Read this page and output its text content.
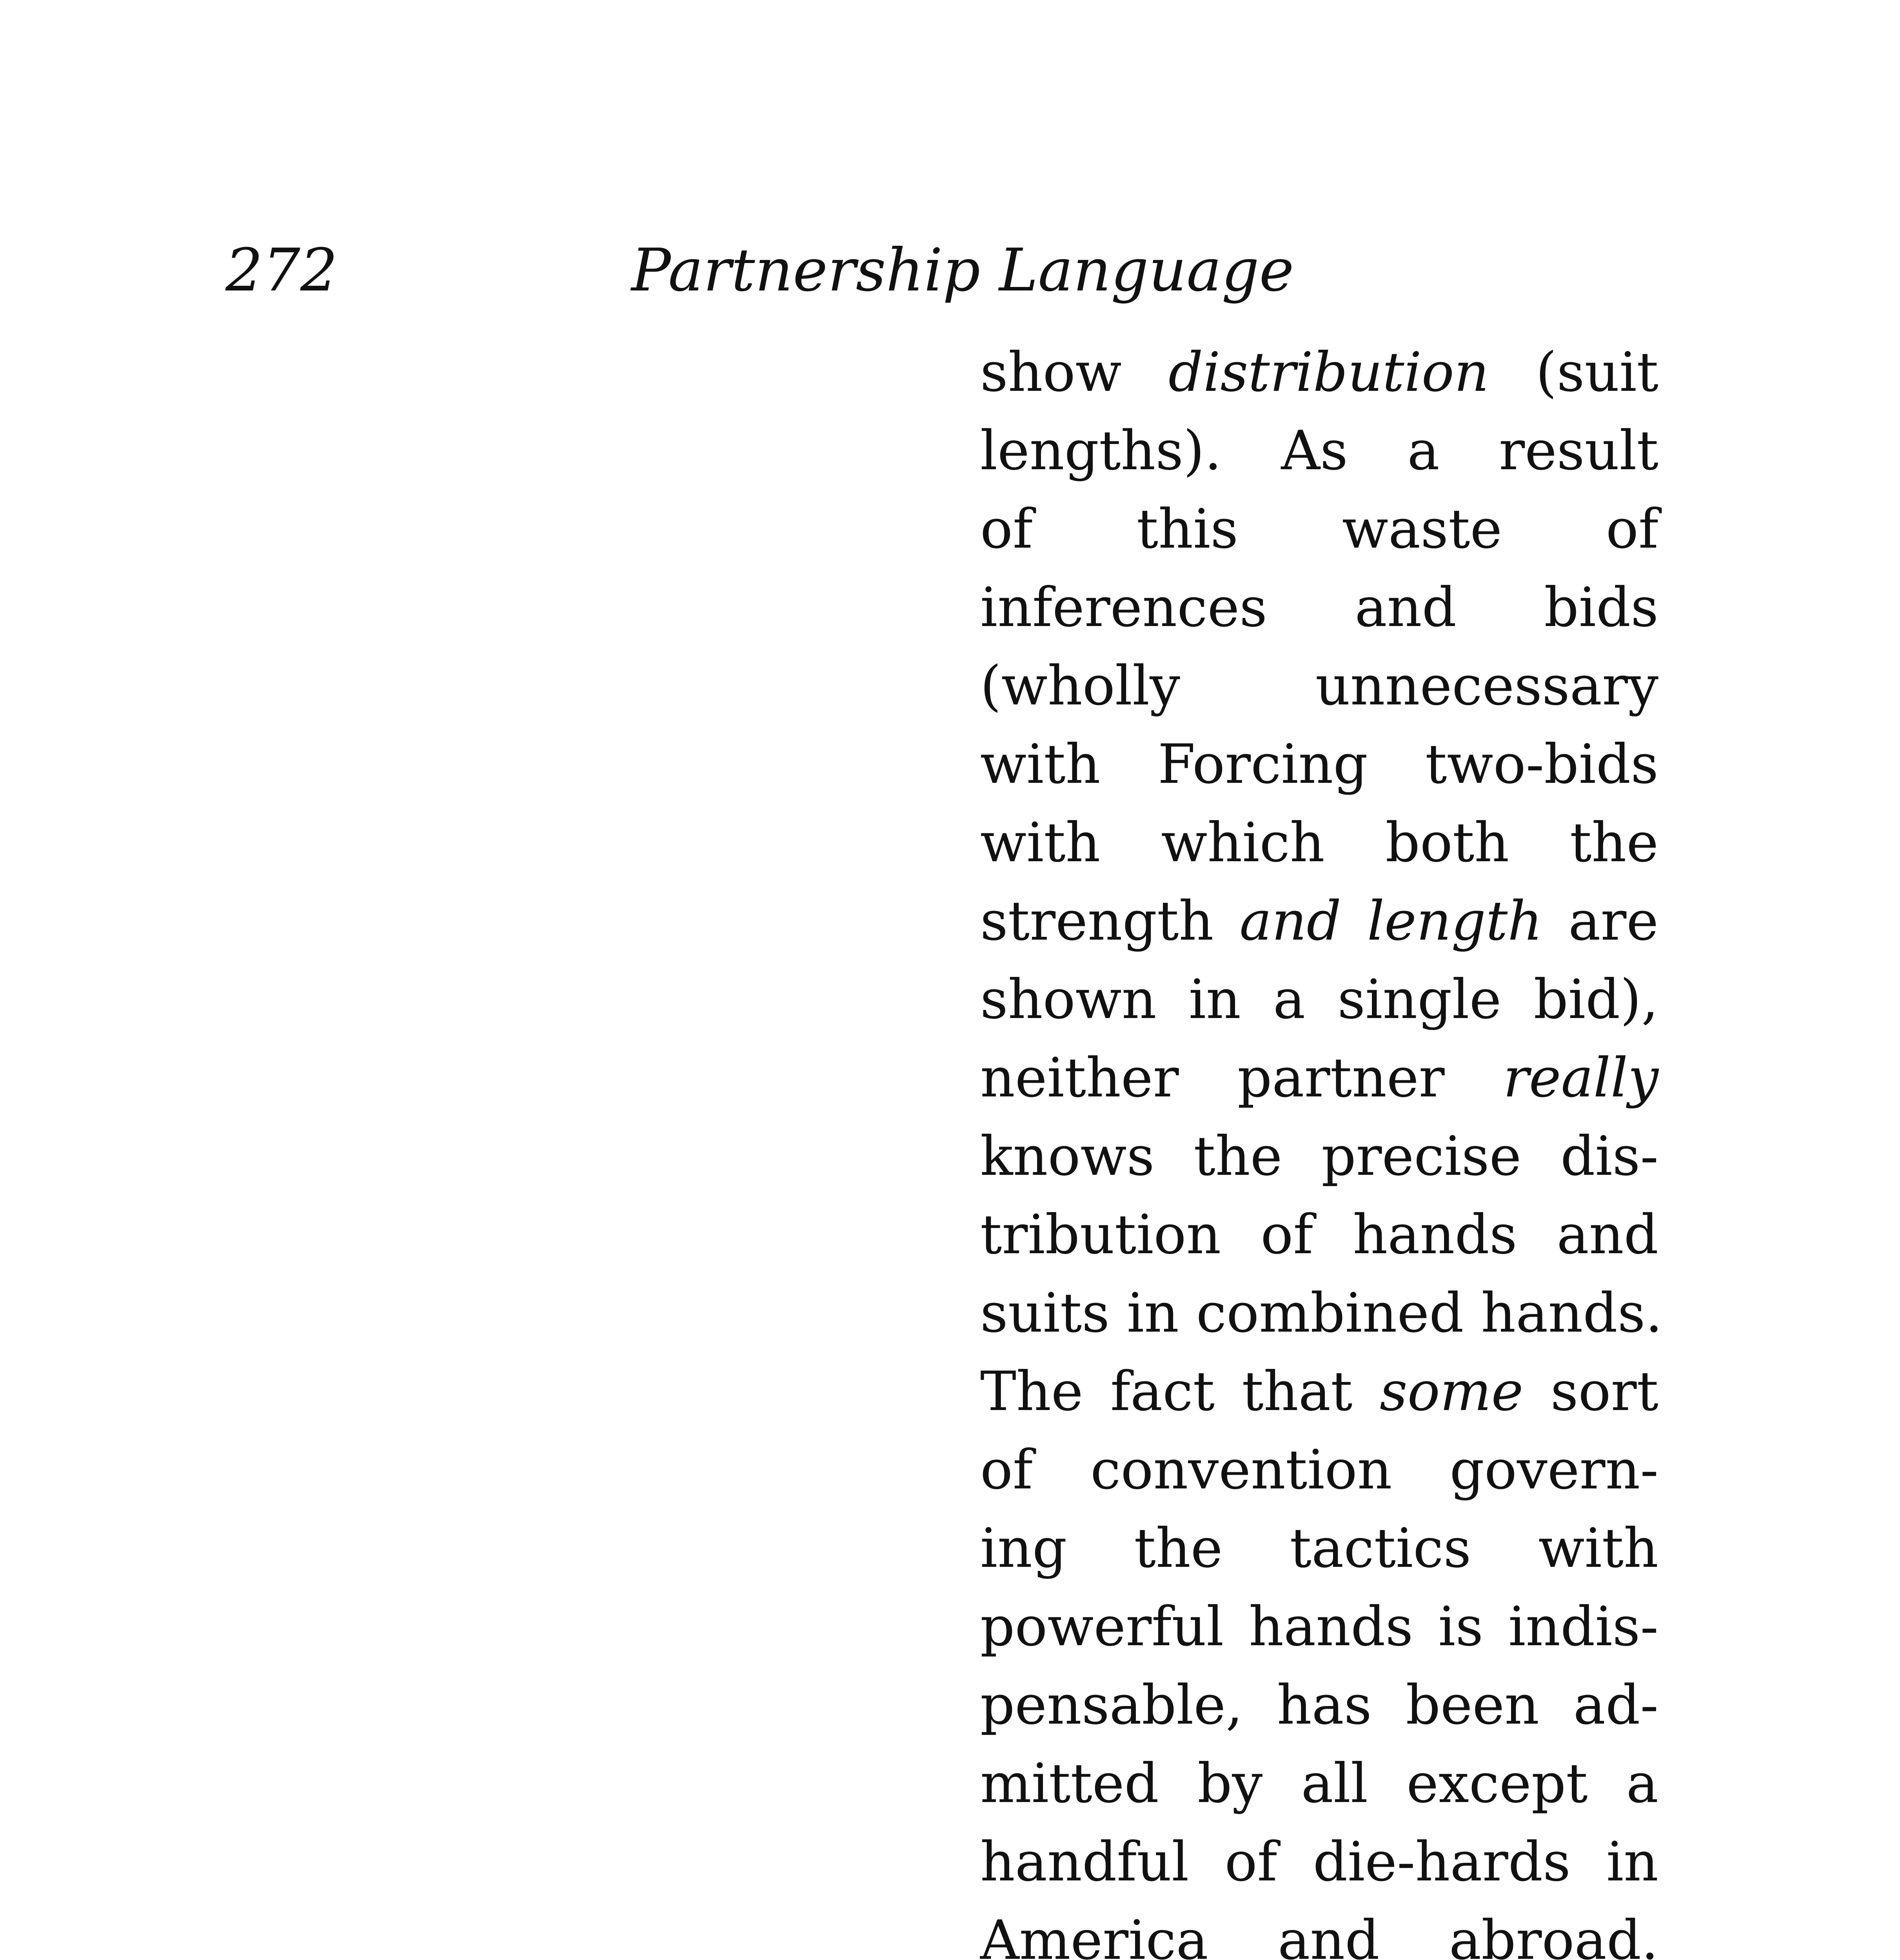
272	Partnership Language
show distribution (suit
lengths). As a result
of this waste of
inferences and bids
(wholly unnecessary
with Forcing two-bids
with which both the
strength and length are
shown in a single bid),
neither partner really
knows the precise dis-
tribution of hands and
suits in combined hands.
The fact that some sort
of convention govern-
ing the tactics with
powerful hands is indis-
pensable, has been ad-
mitted by all except a
handful of die-hards in
America and abroad.
